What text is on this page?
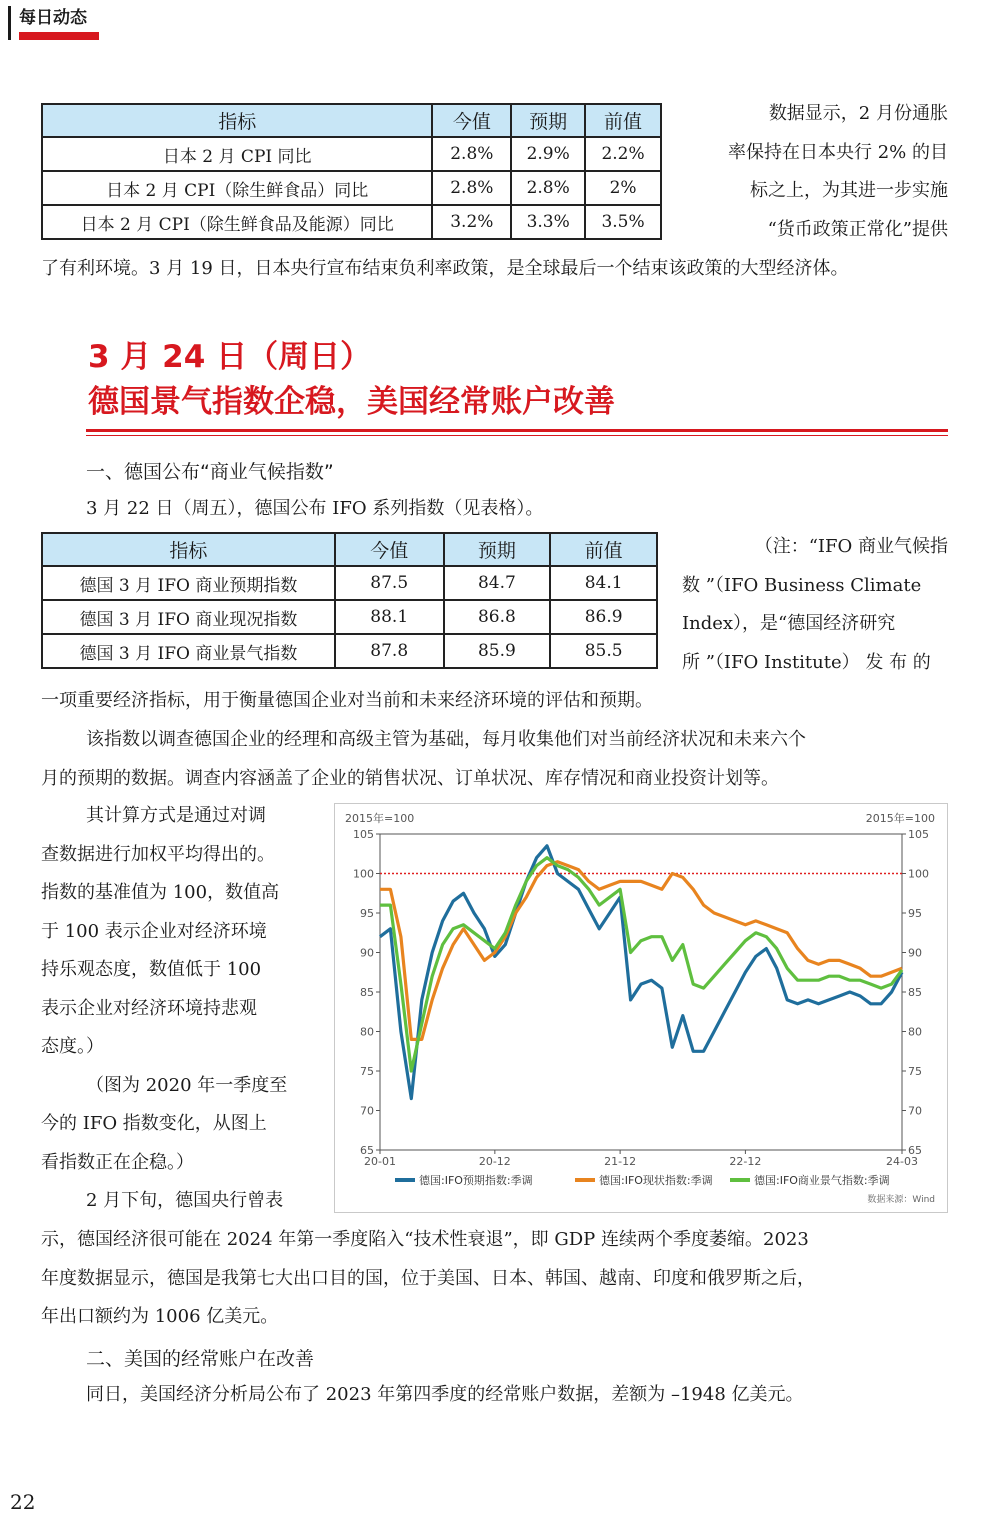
每日动态
指标	今值	预期	前值
日本 2 月 CPI 同比	2.8%	2.9%	2.2%
日本 2 月 CPI（除生鲜食品）同比	2.8%	2.8%	2%
日本 2 月 CPI（除生鲜食品及能源）同比	3.2%	3.3%	3.5%
数据显示，2 月份通胀
率保持在日本央行 2% 的目
标之上，为其进一步实施
“货币政策正常化”提供
了有利环境。3 月 19 日，日本央行宣布结束负利率政策，是全球最后一个结束该政策的大型经济体。
3 月 24 日（周日）
德国景气指数企稳，美国经常账户改善
一、德国公布“商业气候指数”
3 月 22 日（周五），德国公布 IFO 系列指数（见表格）。
指标	今值	预期	前值
德国 3 月 IFO 商业预期指数	87.5	84.7	84.1
德国 3 月 IFO 商业现况指数	88.1	86.8	86.9
德国 3 月 IFO 商业景气指数	87.8	85.9	85.5
（注：“IFO 商业气候指
数 ”（IFO Business Climate
Index），是“德国经济研究
所 ”（IFO Institute） 发 布 的
一项重要经济指标，用于衡量德国企业对当前和未来经济环境的评估和预期。
该指数以调查德国企业的经理和高级主管为基础，每月收集他们对当前经济状况和未来六个
月的预期的数据。调查内容涵盖了企业的销售状况、订单状况、库存情况和商业投资计划等。
其计算方式是通过对调
查数据进行加权平均得出的。
指数的基准值为 100，数值高
于 100 表示企业对经济环境
持乐观态度，数值低于 100
表示企业对经济环境持悲观
态度。）
（图为 2020 年一季度至
今的 IFO 指数变化，从图上
看指数正在企稳。）
2 月下旬，德国央行曾表
65	65
70	70
75	75
80	80
85	85
90	90
95	95
100	100
105	105
20-01	20-12	21-12	22-12	24-03
2015年=100	2015年=100
德国:IFO预期指数:季调	德国:IFO现状指数:季调	德国:IFO商业景气指数:季调
数据来源：Wind
示，德国经济很可能在 2024 年第一季度陷入“技术性衰退”，即 GDP 连续两个季度萎缩。2023
年度数据显示，德国是我第七大出口目的国，位于美国、日本、韩国、越南、印度和俄罗斯之后，
年出口额约为 1006 亿美元。
二、美国的经常账户在改善
同日，美国经济分析局公布了 2023 年第四季度的经常账户数据，差额为 –1948 亿美元。
22
